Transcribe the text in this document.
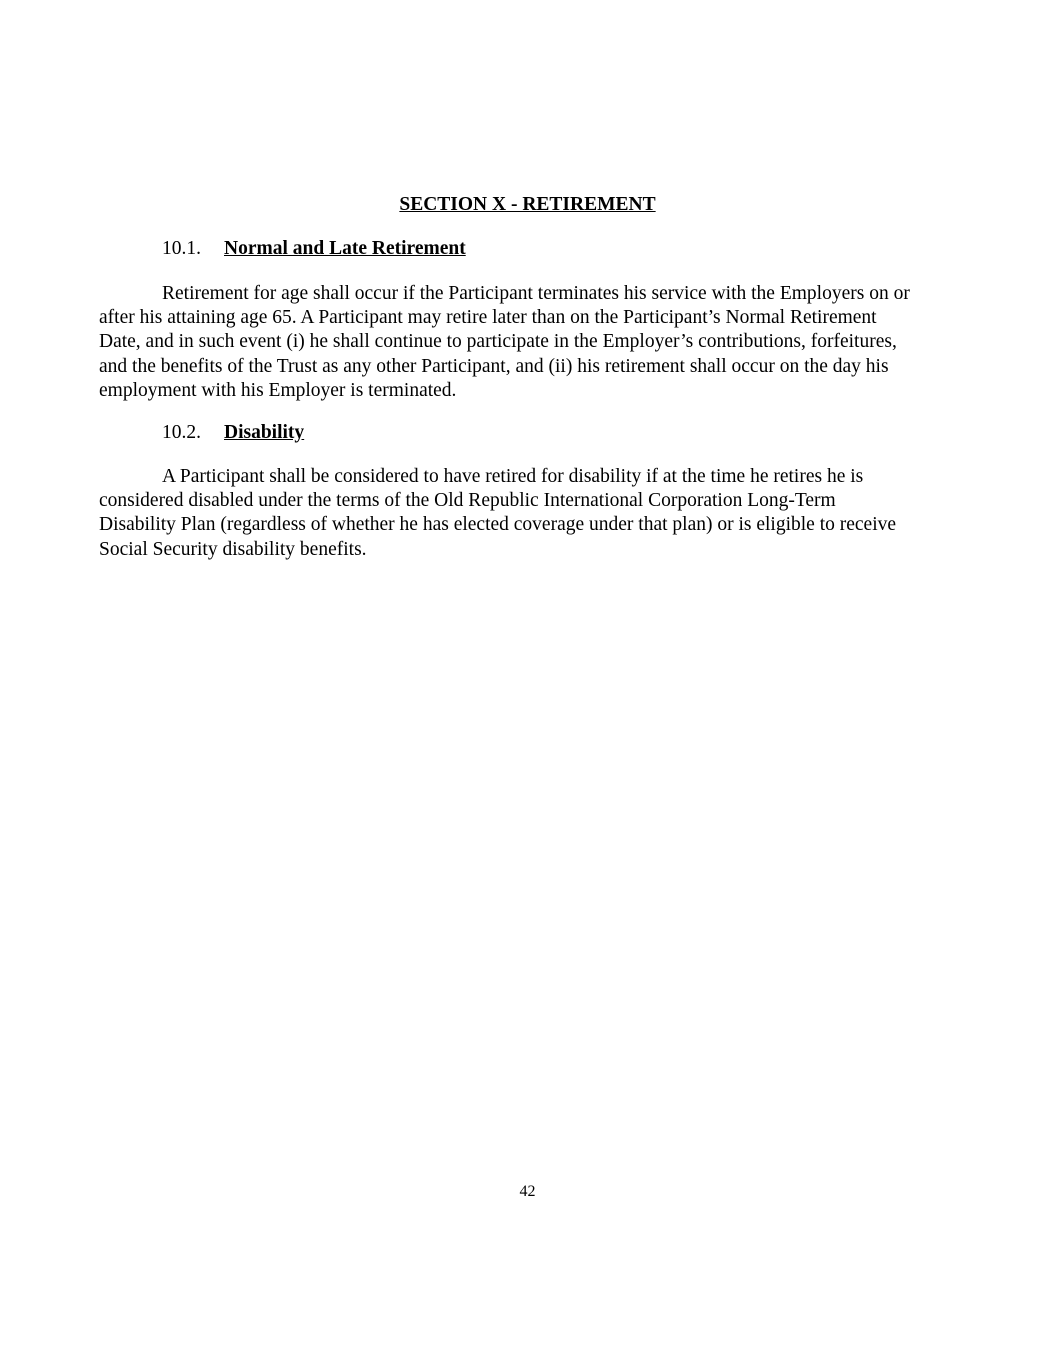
SECTION X - RETIREMENT
10.1. Normal and Late Retirement

Retirement for age shall occur if the Participant terminates his service with the Employers on or
after his attaining age 65. A Participant may retire later than on the Participant’s Normal Retirement
Date, and in such event (i) he shall continue to participate in the Employer’s contributions, forfeitures,
and the benefits of the Trust as any other Participant, and (ii) his retirement shall occur on the day his
employment with his Employer is terminated.

10.2. Disability

A Participant shall be considered to have retired for disability if at the time he retires he is
considered disabled under the terms of the Old Republic International Corporation Long-Term
Disability Plan (regardless of whether he has elected coverage under that plan) or is eligible to receive
Social Security disability benefits.

42
